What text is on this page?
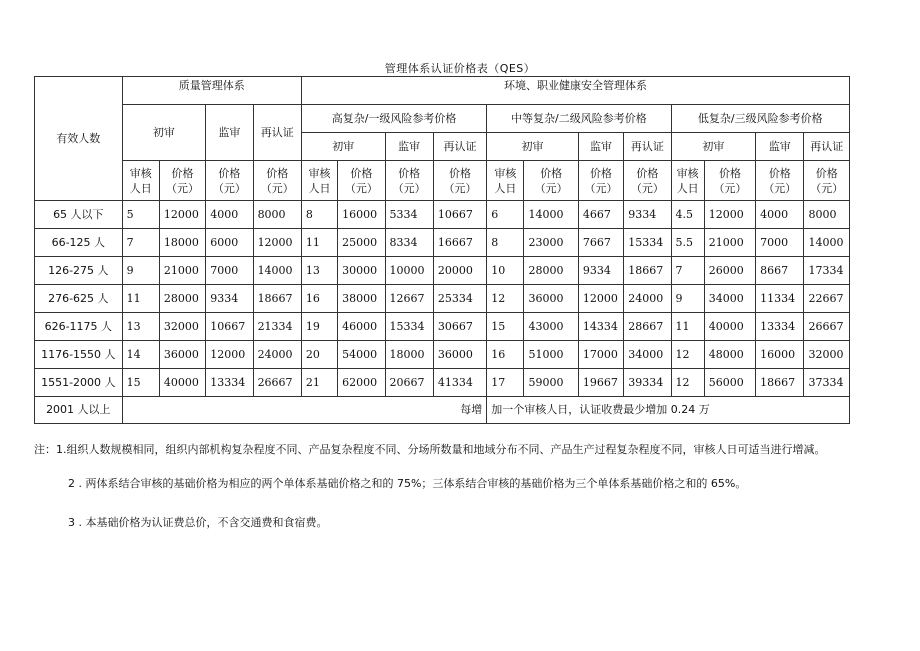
管理体系认证价格表（QES）
有效人数	质量管理体系				环境、职业健康安全管理体系											
	初审		监审	再认证	高复杂/一级风险参考价格				中等复杂/二级风险参考价格				低复杂/三级风险参考价格			
					初审		监审	再认证	初审		监审	再认证	初审		监审	再认证
	审核人日	价格（元）	价格（元）	价格（元）	审核人日	价格（元）	价格（元）	价格（元）	审核人日	价格（元）	价格（元）	价格（元）	审核人日	价格（元）	价格（元）	价格（元）
65 人以下	5	12000	4000	8000	8	16000	5334	10667	6	14000	4667	9334	4.5	12000	4000	8000
66-125 人	7	18000	6000	12000	11	25000	8334	16667	8	23000	7667	15334	5.5	21000	7000	14000
126-275 人	9	21000	7000	14000	13	30000	10000	20000	10	28000	9334	18667	7	26000	8667	17334
276-625 人	11	28000	9334	18667	16	38000	12667	25334	12	36000	12000	24000	9	34000	11334	22667
626-1175 人	13	32000	10667	21334	19	46000	15334	30667	15	43000	14334	28667	11	40000	13334	26667
1176-1550 人	14	36000	12000	24000	20	54000	18000	36000	16	51000	17000	34000	12	48000	16000	32000
1551-2000 人	15	40000	13334	26667	21	62000	20667	41334	17	59000	19667	39334	12	56000	18667	37334
2001 人以上	每增								加一个审核人日，认证收费最少增加 0.24 万							
注：1.组织人数规模相同，组织内部机构复杂程度不同、产品复杂程度不同、分场所数量和地域分布不同、产品生产过程复杂程度不同，审核人日可适当进行增减。
2 . 两体系结合审核的基础价格为相应的两个单体系基础价格之和的 75%；三体系结合审核的基础价格为三个单体系基础价格之和的 65%。
3 . 本基础价格为认证费总价，不含交通费和食宿费。
